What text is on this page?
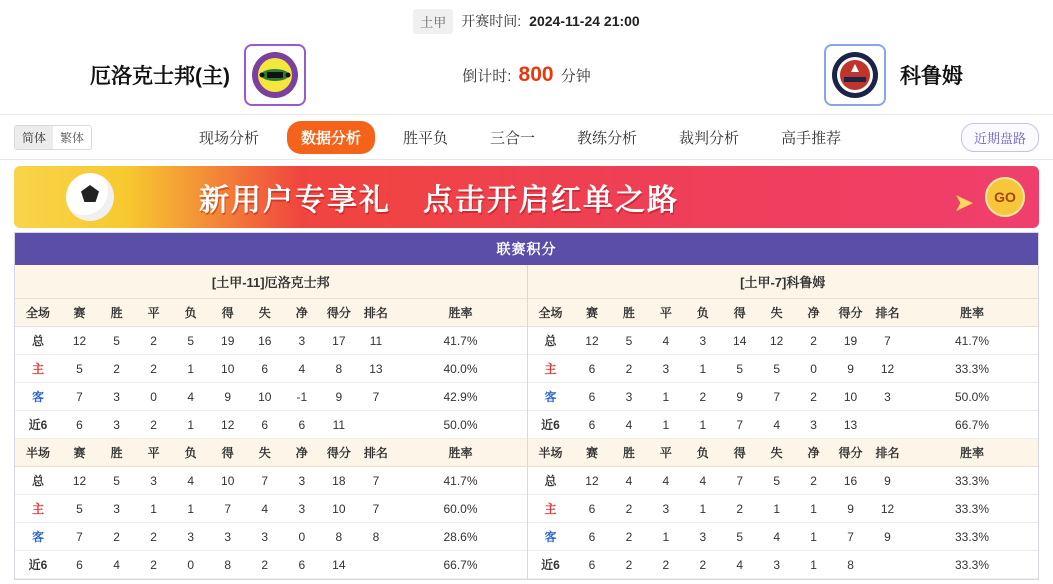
土甲	开赛时间: 2024-11-24 21:00
厄洛克士邦(主)	倒计时: 800 分钟	科鲁姆
简体	繁体	现场分析	数据分析	胜平负	三合一	教练分析	裁判分析	高手推荐	近期盘路
新用户专享礼　点击开启红单之路	➤	GO
联赛积分
[土甲-11]厄洛克士邦
全场	赛	胜	平	负	得	失	净	得分	排名	胜率
总	12	5	2	5	19	16	3	17	11	41.7%
主	5	2	2	1	10	6	4	8	13	40.0%
客	7	3	0	4	9	10	-1	9	7	42.9%
近6	6	3	2	1	12	6	6	11		50.0%
半场	赛	胜	平	负	得	失	净	得分	排名	胜率
总	12	5	3	4	10	7	3	18	7	41.7%
主	5	3	1	1	7	4	3	10	7	60.0%
客	7	2	2	3	3	3	0	8	8	28.6%
近6	6	4	2	0	8	2	6	14		66.7%
[土甲-7]科鲁姆
全场	赛	胜	平	负	得	失	净	得分	排名	胜率
总	12	5	4	3	14	12	2	19	7	41.7%
主	6	2	3	1	5	5	0	9	12	33.3%
客	6	3	1	2	9	7	2	10	3	50.0%
近6	6	4	1	1	7	4	3	13		66.7%
半场	赛	胜	平	负	得	失	净	得分	排名	胜率
总	12	4	4	4	7	5	2	16	9	33.3%
主	6	2	3	1	2	1	1	9	12	33.3%
客	6	2	1	3	5	4	1	7	9	33.3%
近6	6	2	2	2	4	3	1	8		33.3%
